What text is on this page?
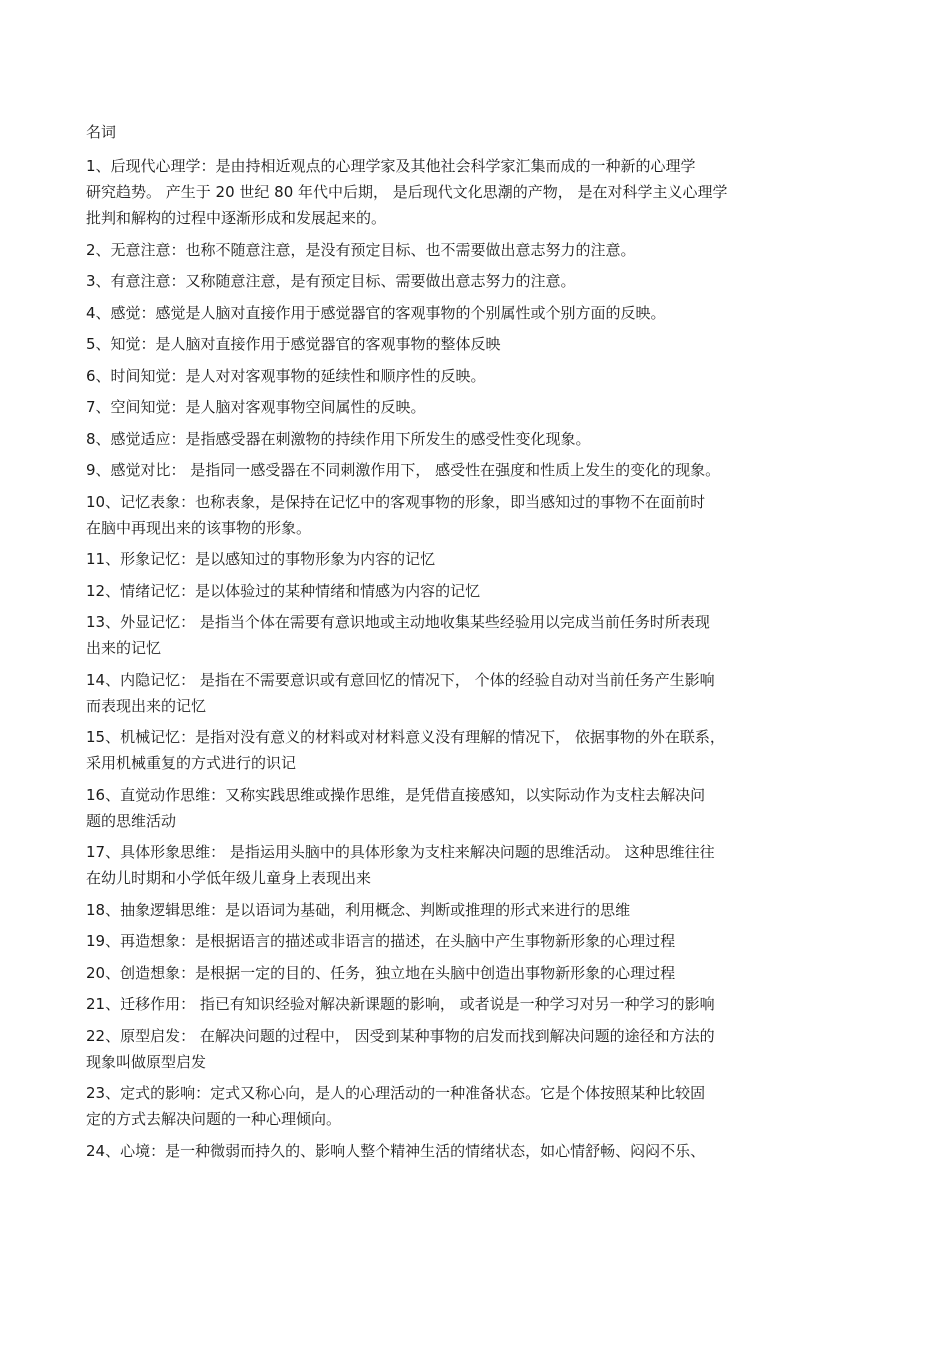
名词
1、后现代心理学：是由持相近观点的心理学家及其他社会科学家汇集而成的一种新的心理学
研究趋势。 产生于 20 世纪 80 年代中后期， 是后现代文化思潮的产物， 是在对科学主义心理学
批判和解构的过程中逐渐形成和发展起来的。
2、无意注意：也称不随意注意，是没有预定目标、也不需要做出意志努力的注意。
3、有意注意：又称随意注意，是有预定目标、需要做出意志努力的注意。
4、感觉：感觉是人脑对直接作用于感觉器官的客观事物的个别属性或个别方面的反映。
5、知觉：是人脑对直接作用于感觉器官的客观事物的整体反映
6、时间知觉：是人对对客观事物的延续性和顺序性的反映。
7、空间知觉：是人脑对客观事物空间属性的反映。
8、感觉适应：是指感受器在刺激物的持续作用下所发生的感受性变化现象。
9、感觉对比： 是指同一感受器在不同刺激作用下， 感受性在强度和性质上发生的变化的现象。
10、记忆表象：也称表象，是保持在记忆中的客观事物的形象，即当感知过的事物不在面前时
在脑中再现出来的该事物的形象。
11、形象记忆：是以感知过的事物形象为内容的记忆
12、情绪记忆：是以体验过的某种情绪和情感为内容的记忆
13、外显记忆： 是指当个体在需要有意识地或主动地收集某些经验用以完成当前任务时所表现
出来的记忆
14、内隐记忆： 是指在不需要意识或有意回忆的情况下， 个体的经验自动对当前任务产生影响
而表现出来的记忆
15、机械记忆：是指对没有意义的材料或对材料意义没有理解的情况下， 依据事物的外在联系，
采用机械重复的方式进行的识记
16、直觉动作思维：又称实践思维或操作思维，是凭借直接感知，以实际动作为支柱去解决问
题的思维活动
17、具体形象思维： 是指运用头脑中的具体形象为支柱来解决问题的思维活动。 这种思维往往
在幼儿时期和小学低年级儿童身上表现出来
18、抽象逻辑思维：是以语词为基础，利用概念、判断或推理的形式来进行的思维
19、再造想象：是根据语言的描述或非语言的描述，在头脑中产生事物新形象的心理过程
20、创造想象：是根据一定的目的、任务，独立地在头脑中创造出事物新形象的心理过程
21、迁移作用： 指已有知识经验对解决新课题的影响， 或者说是一种学习对另一种学习的影响
22、原型启发： 在解决问题的过程中， 因受到某种事物的启发而找到解决问题的途径和方法的
现象叫做原型启发
23、定式的影响：定式又称心向，是人的心理活动的一种准备状态。它是个体按照某种比较固
定的方式去解决问题的一种心理倾向。
24、心境：是一种微弱而持久的、影响人整个精神生活的情绪状态，如心情舒畅、闷闷不乐、
